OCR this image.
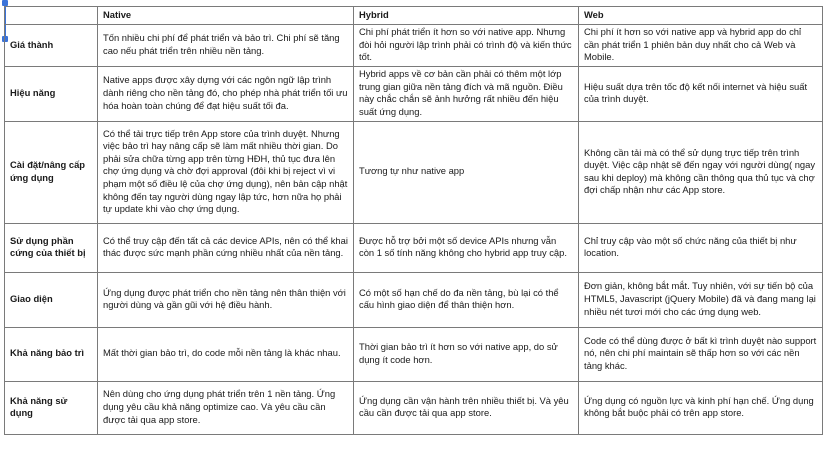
	Native	Hybrid	Web
Giá thành	Tốn nhiều chi phí để phát triển và bảo trì. Chi phí sẽ tăng cao nếu phát triển trên nhiều nền tảng.	Chi phí phát triển ít hơn so với native app. Nhưng đòi hỏi người lập trình phải có trình độ và kiến thức tốt.	Chi phí ít hơn so với native app và hybrid app do chỉ cần phát triển 1 phiên bản duy nhất cho cả Web và Mobile.
Hiệu năng	Native apps được xây dựng với các ngôn ngữ lập trình dành riêng cho nền tảng đó, cho phép nhà phát triển tối ưu hóa hoàn toàn chúng để đạt hiệu suất tối đa.	Hybrid apps về cơ bản cần phải có thêm một lớp trung gian giữa nền tảng đích và mã nguồn. Điều này chắc chắn sẽ ảnh hưởng rất nhiều đến hiệu suất ứng dụng.	Hiệu suất dựa trên tốc độ kết nối internet và hiệu suất của trình duyệt.
Cài đặt/nâng cấp ứng dụng	Có thể tải trực tiếp trên App store của trình duyệt. Nhưng việc bảo trì hay nâng cấp sẽ làm mất nhiều thời gian. Do phải sửa chữa từng app trên từng HĐH, thủ tục đưa lên chợ ứng dụng và chờ đợi approval (đôi khi bị reject vì vi phạm một số điều lệ của chợ ứng dụng), nên bản cập nhật không đến tay người dùng ngay lập tức, hơn nữa họ phải tự update khi vào chợ ứng dụng.	Tương tự như native app	Không cần tải mà có thể sử dụng trực tiếp trên trình duyệt. Việc cập nhật sẽ đến ngay với người dùng( ngay sau khi deploy) mà không cần thông qua thủ tục và chợ đợi chấp nhận như các App store.
Sử dụng phần cứng của thiết bị	Có thể truy cập đến tất cả các device APIs, nên có thể khai thác được sức mạnh phần cứng nhiều nhất của nền tảng.	Được hỗ trợ bởi một số device APIs nhưng vẫn còn 1 số tính năng không cho hybrid app truy cập.	Chỉ truy cập vào một số chức năng của thiết bị như location.
Giao diện	Ứng dụng được phát triển cho nền tảng nên thân thiện với người dùng và gần gũi với hệ điều hành.	Có một số hạn chế do đa nền tảng, bù lại có thể cấu hình giao diện để thân thiện hơn.	Đơn giản, không bắt mắt. Tuy nhiên, với sự tiến bộ của HTML5, Javascript (jQuery Mobile) đã và đang mang lại nhiều nét tươi mới cho các ứng dụng web.
Khả năng bảo trì	Mất thời gian bảo trì, do code mỗi nền tảng là khác nhau.	Thời gian bảo trì ít hơn so với native app, do sử dụng ít code hơn.	Code có thể dùng được ở bất kì trình duyệt nào support nó, nên chi phí maintain sẽ thấp hơn so với các nền tảng khác.
Khả năng sử dụng	Nên dùng cho ứng dụng phát triển trên 1 nền tảng. Ứng dụng yêu cầu khả năng optimize cao. Và yêu cầu cần được tải qua app store.	Ứng dụng cần vận hành trên nhiều thiết bị. Và yêu cầu cần được tải qua app store.	Ứng dụng có nguồn lực và kinh phí hạn chế. Ứng dụng không bắt buộc phải có trên app store.
